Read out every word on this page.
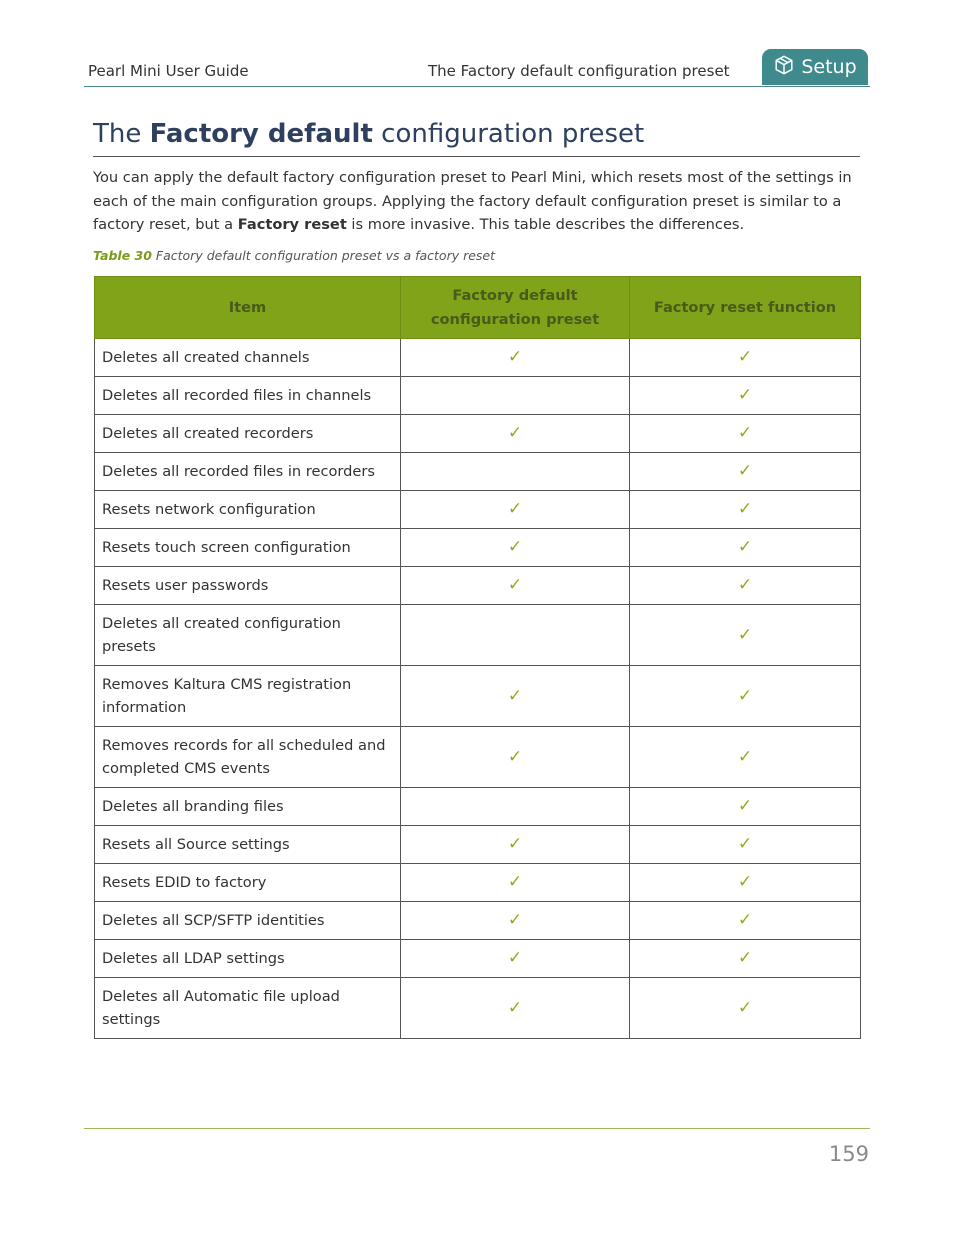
Pearl Mini User Guide	The Factory default configuration preset	Setup
The Factory default configuration preset

You can apply the default factory configuration preset to Pearl Mini, which resets most of the settings in each of the main configuration groups. Applying the factory default configuration preset is similar to a factory reset, but a Factory reset is more invasive. This table describes the differences.

Table 30 Factory default configuration preset vs a factory reset
Item	Factory default configuration preset	Factory reset function
Deletes all created channels	✓	✓
Deletes all recorded files in channels		✓
Deletes all created recorders	✓	✓
Deletes all recorded files in recorders		✓
Resets network configuration	✓	✓
Resets touch screen configuration	✓	✓
Resets user passwords	✓	✓
Deletes all created configuration presets		✓
Removes Kaltura CMS registration information	✓	✓
Removes records for all scheduled and completed CMS events	✓	✓
Deletes all branding files		✓
Resets all Source settings	✓	✓
Resets EDID to factory	✓	✓
Deletes all SCP/SFTP identities	✓	✓
Deletes all LDAP settings	✓	✓
Deletes all Automatic file upload settings	✓	✓
159
